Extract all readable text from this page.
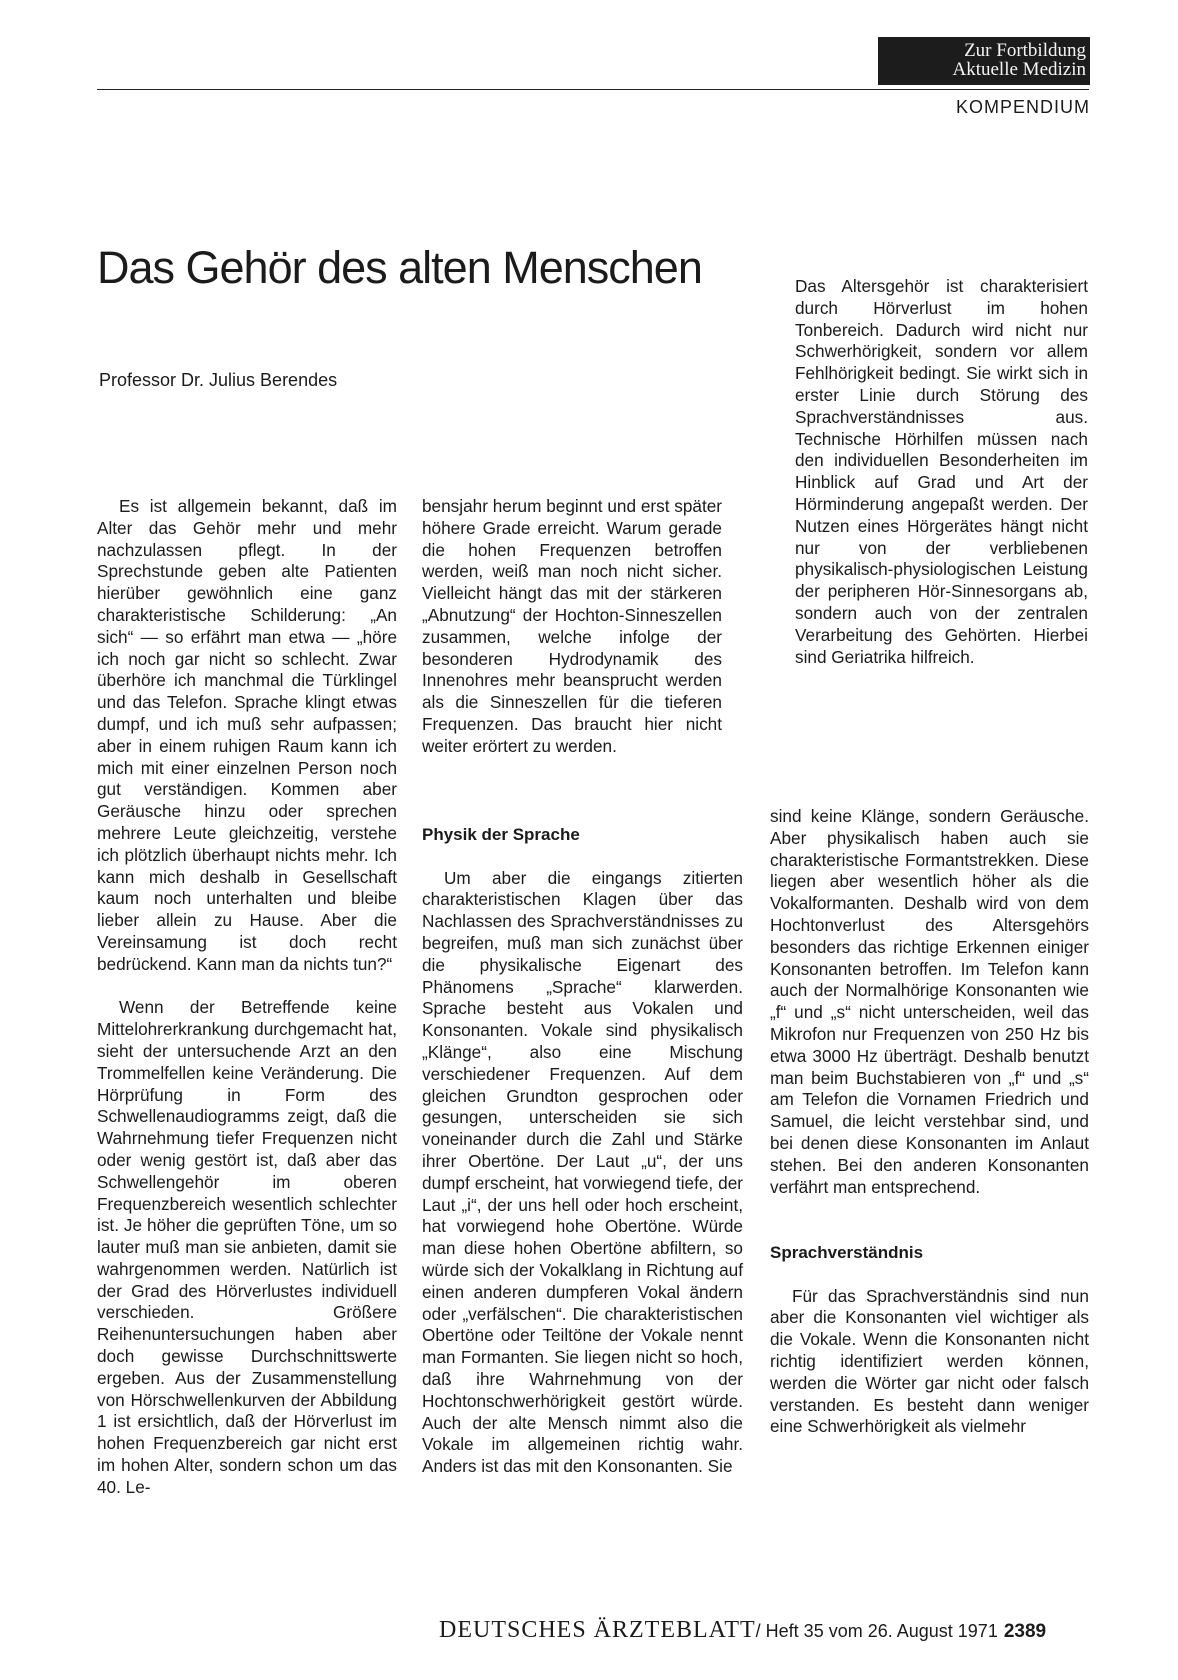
Zur Fortbildung
Aktuelle Medizin
KOMPENDIUM
Das Gehör des alten Menschen
Professor Dr. Julius Berendes

Das Altersgehör ist charakterisiert durch Hörverlust im hohen Tonbereich. Dadurch wird nicht nur Schwerhörigkeit, sondern vor allem Fehlhörigkeit bedingt. Sie wirkt sich in erster Linie durch Störung des Sprachverständnisses aus. Technische Hörhilfen müssen nach den individuellen Besonderheiten im Hinblick auf Grad und Art der Hörminderung angepaßt werden. Der Nutzen eines Hörgerätes hängt nicht nur von der verbliebenen physikalisch-physiologischen Leistung der peripheren Hör-Sinnesorgans ab, sondern auch von der zentralen Verarbeitung des Gehörten. Hierbei sind Geriatrika hilfreich.

Es ist allgemein bekannt, daß im Alter das Gehör mehr und mehr nachzulassen pflegt. In der Sprechstunde geben alte Patienten hierüber gewöhnlich eine ganz charakteristische Schilderung: „An sich“ — so erfährt man etwa — „höre ich noch gar nicht so schlecht. Zwar überhöre ich manchmal die Türklingel und das Telefon. Sprache klingt etwas dumpf, und ich muß sehr aufpassen; aber in einem ruhigen Raum kann ich mich mit einer einzelnen Person noch gut verständigen. Kommen aber Geräusche hinzu oder sprechen mehrere Leute gleichzeitig, verstehe ich plötzlich überhaupt nichts mehr. Ich kann mich deshalb in Gesellschaft kaum noch unterhalten und bleibe lieber allein zu Hause. Aber die Vereinsamung ist doch recht bedrückend. Kann man da nichts tun?“

Wenn der Betreffende keine Mittelohrerkrankung durchgemacht hat, sieht der untersuchende Arzt an den Trommelfellen keine Veränderung. Die Hörprüfung in Form des Schwellenaudiogramms zeigt, daß die Wahrnehmung tiefer Frequenzen nicht oder wenig gestört ist, daß aber das Schwellengehör im oberen Frequenzbereich wesentlich schlechter ist. Je höher die geprüften Töne, um so lauter muß man sie anbieten, damit sie wahrgenommen werden. Natürlich ist der Grad des Hörverlustes individuell verschieden. Größere Reihenuntersuchungen haben aber doch gewisse Durchschnittswerte ergeben. Aus der Zusammenstellung von Hörschwellenkurven der Abbildung 1 ist ersichtlich, daß der Hörverlust im hohen Frequenzbereich gar nicht erst im hohen Alter, sondern schon um das 40. Le-

bensjahr herum beginnt und erst später höhere Grade erreicht. Warum gerade die hohen Frequenzen betroffen werden, weiß man noch nicht sicher. Vielleicht hängt das mit der stärkeren „Abnutzung“ der Hochton-Sinneszellen zusammen, welche infolge der besonderen Hydrodynamik des Innenohres mehr beansprucht werden als die Sinneszellen für die tieferen Frequenzen. Das braucht hier nicht weiter erörtert zu werden.

Physik der Sprache

Um aber die eingangs zitierten charakteristischen Klagen über das Nachlassen des Sprachverständnisses zu begreifen, muß man sich zunächst über die physikalische Eigenart des Phänomens „Sprache“ klarwerden. Sprache besteht aus Vokalen und Konsonanten. Vokale sind physikalisch „Klänge“, also eine Mischung verschiedener Frequenzen. Auf dem gleichen Grundton gesprochen oder gesungen, unterscheiden sie sich voneinander durch die Zahl und Stärke ihrer Obertöne. Der Laut „u“, der uns dumpf erscheint, hat vorwiegend tiefe, der Laut „i“, der uns hell oder hoch erscheint, hat vorwiegend hohe Obertöne. Würde man diese hohen Obertöne abfiltern, so würde sich der Vokalklang in Richtung auf einen anderen dumpferen Vokal ändern oder „verfälschen“. Die charakteristischen Obertöne oder Teiltöne der Vokale nennt man Formanten. Sie liegen nicht so hoch, daß ihre Wahrnehmung von der Hochtonschwerhörigkeit gestört würde. Auch der alte Mensch nimmt also die Vokale im allgemeinen richtig wahr. Anders ist das mit den Konsonanten. Sie

sind keine Klänge, sondern Geräusche. Aber physikalisch haben auch sie charakteristische Formantstrekken. Diese liegen aber wesentlich höher als die Vokalformanten. Deshalb wird von dem Hochtonverlust des Altersgehörs besonders das richtige Erkennen einiger Konsonanten betroffen. Im Telefon kann auch der Normalhörige Konsonanten wie „f“ und „s“ nicht unterscheiden, weil das Mikrofon nur Frequenzen von 250 Hz bis etwa 3000 Hz überträgt. Deshalb benutzt man beim Buchstabieren von „f“ und „s“ am Telefon die Vornamen Friedrich und Samuel, die leicht verstehbar sind, und bei denen diese Konsonanten im Anlaut stehen. Bei den anderen Konsonanten verfährt man entsprechend.

Sprachverständnis

Für das Sprachverständnis sind nun aber die Konsonanten viel wichtiger als die Vokale. Wenn die Konsonanten nicht richtig identifiziert werden können, werden die Wörter gar nicht oder falsch verstanden. Es besteht dann weniger eine Schwerhörigkeit als vielmehr

DEUTSCHES ÄRZTEBLATT/ Heft 35 vom 26. August 1971 2389
